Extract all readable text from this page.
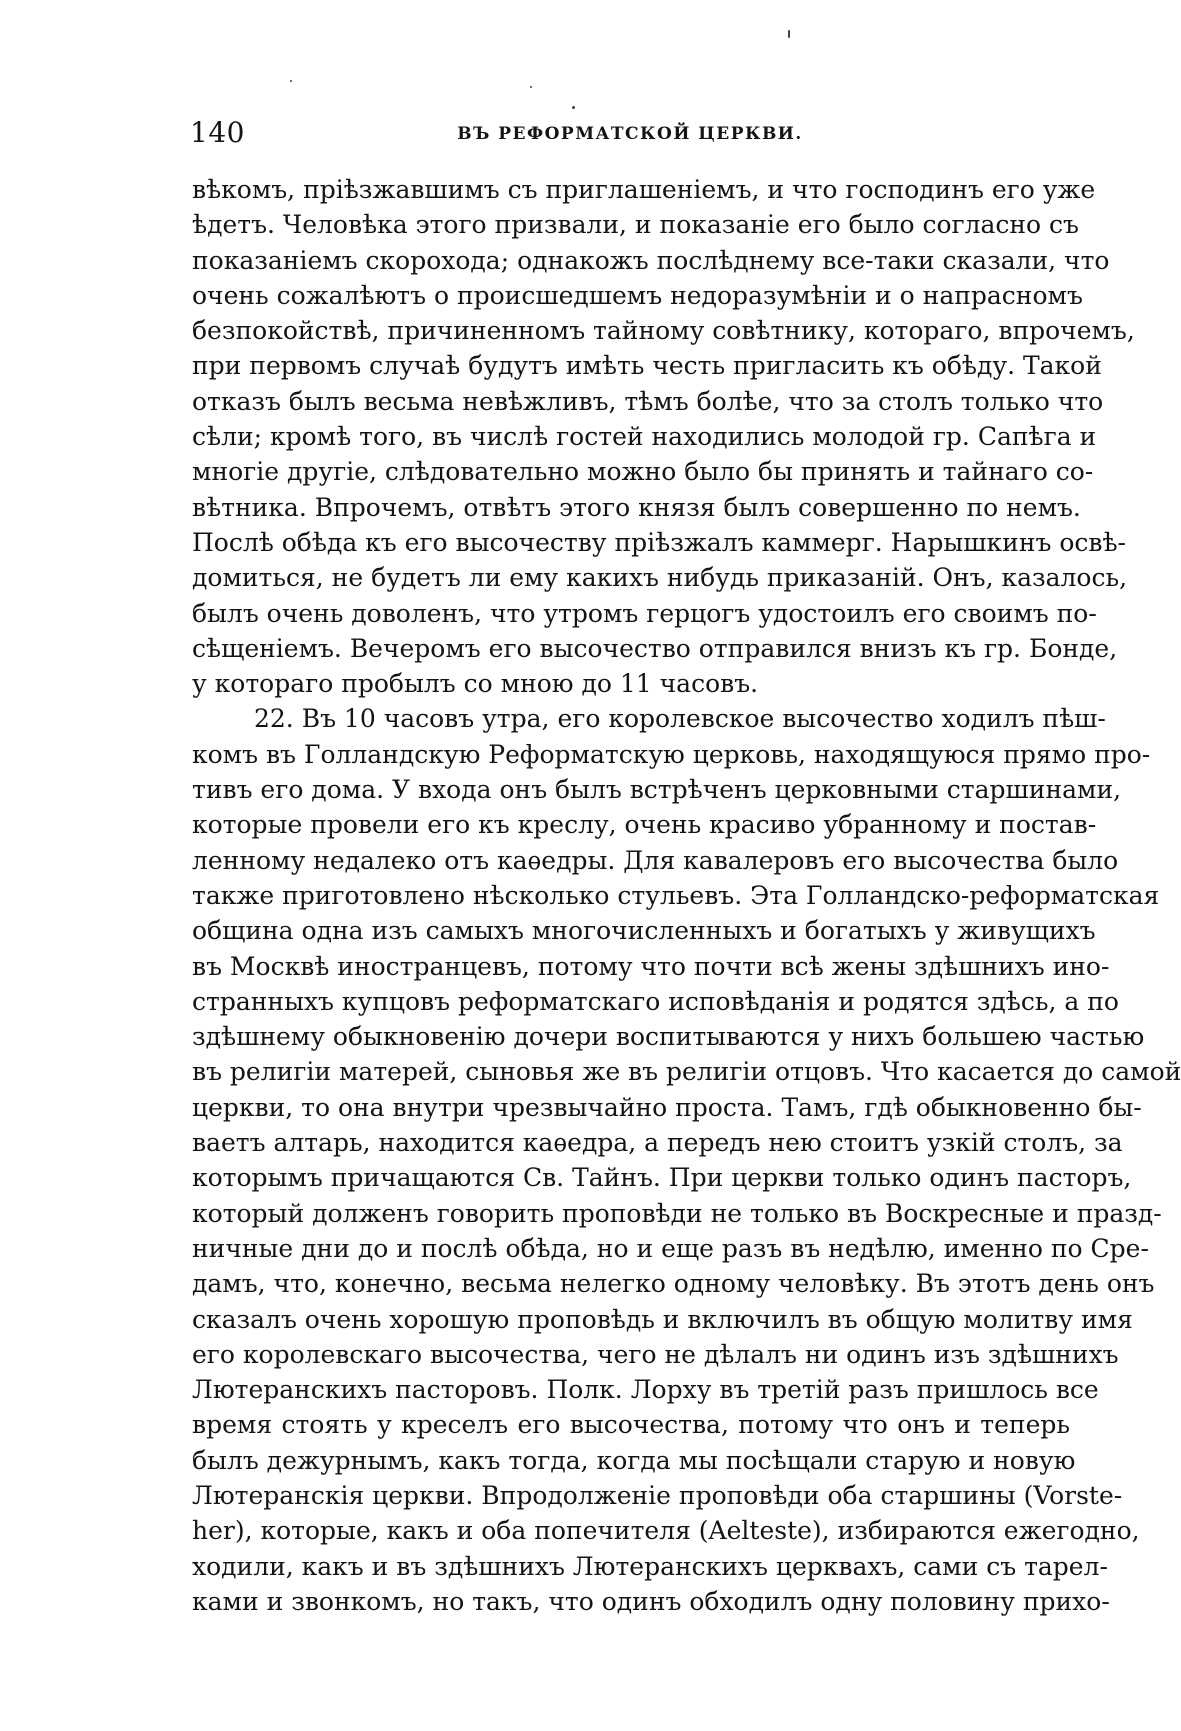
140	ВЪ РЕФОРМАТСКОЙ ЦЕРКВИ.
вѣкомъ, пріѣзжавшимъ съ приглашеніемъ, и что господинъ его уже
ѣдетъ. Человѣка этого призвали, и показаніе его было согласно съ
показаніемъ скорохода; однакожъ послѣднему все-таки сказали, что
очень сожалѣютъ о происшедшемъ недоразумѣніи и о напрасномъ
безпокойствѣ, причиненномъ тайному совѣтнику, котораго, впрочемъ,
при первомъ случаѣ будутъ имѣть честь пригласить къ обѣду. Такой
отказъ былъ весьма невѣжливъ, тѣмъ болѣе, что за столъ только что
сѣли; кромѣ того, въ числѣ гостей находились молодой гр. Сапѣга и
многіе другіе, слѣдовательно можно было бы принять и тайнаго со-
вѣтника. Впрочемъ, отвѣтъ этого князя былъ совершенно по немъ.
Послѣ обѣда къ его высочеству пріѣзжалъ каммерг. Нарышкинъ освѣ-
домиться, не будетъ ли ему какихъ нибудь приказаній. Онъ, казалось,
былъ очень доволенъ, что утромъ герцогъ удостоилъ его своимъ по-
сѣщеніемъ. Вечеромъ его высочество отправился внизъ къ гр. Бонде,
у котораго пробылъ со мною до 11 часовъ.
22. Въ 10 часовъ утра, его королевское высочество ходилъ пѣш-
комъ въ Голландскую Реформатскую церковь, находящуюся прямо про-
тивъ его дома. У входа онъ былъ встрѣченъ церковными старшинами,
которые провели его къ креслу, очень красиво убранному и постав-
ленному недалеко отъ каѳедры. Для кавалеровъ его высочества было
также приготовлено нѣсколько стульевъ. Эта Голландско-реформатская
община одна изъ самыхъ многочисленныхъ и богатыхъ у живущихъ
въ Москвѣ иностранцевъ, потому что почти всѣ жены здѣшнихъ ино-
странныхъ купцовъ реформатскаго исповѣданія и родятся здѣсь, а по
здѣшнему обыкновенію дочери воспитываются у нихъ большею частью
въ религіи матерей, сыновья же въ религіи отцовъ. Что касается до самой
церкви, то она внутри чрезвычайно проста. Тамъ, гдѣ обыкновенно бы-
ваетъ алтарь, находится каѳедра, а передъ нею стоитъ узкій столъ, за
которымъ причащаются Св. Тайнъ. При церкви только одинъ пасторъ,
который долженъ говорить проповѣди не только въ Воскресные и празд-
ничные дни до и послѣ обѣда, но и еще разъ въ недѣлю, именно по Сре-
дамъ, что, конечно, весьма нелегко одному человѣку. Въ этотъ день онъ
сказалъ очень хорошую проповѣдь и включилъ въ общую молитву имя
его королевскаго высочества, чего не дѣлалъ ни одинъ изъ здѣшнихъ
Лютеранскихъ пасторовъ. Полк. Лорху въ третій разъ пришлось все
время стоять у креселъ его высочества, потому что онъ и теперь
былъ дежурнымъ, какъ тогда, когда мы посѣщали старую и новую
Лютеранскія церкви. Впродолженіе проповѣди оба старшины (Vorste-
her), которые, какъ и оба попечителя (Aelteste), избираются ежегодно,
ходили, какъ и въ здѣшнихъ Лютеранскихъ церквахъ, сами съ тарел-
ками и звонкомъ, но такъ, что одинъ обходилъ одну половину прихо-
